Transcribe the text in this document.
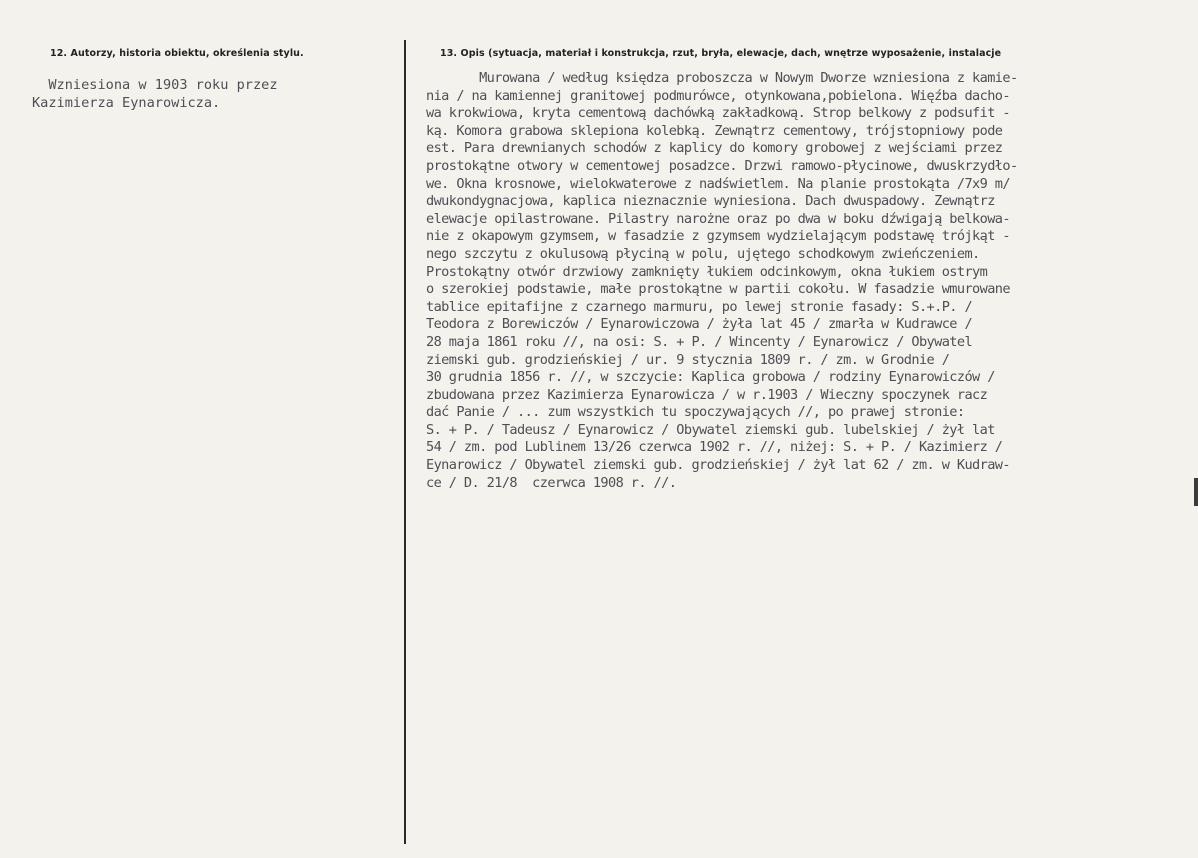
12. Autorzy, historia obiektu, określenia stylu.	13. Opis (sytuacja, materiał i konstrukcja, rzut, bryła, elewacje, dach, wnętrze wyposażenie, instalacje
Wzniesiona w 1903 roku przez
Kazimierza Eynarowicza.
Murowana / według księdza proboszcza w Nowym Dworze wzniesiona z kamie-
nia / na kamiennej granitowej podmurówce, otynkowana,pobielona. Więźba dacho-
wa krokwiowa, kryta cementową dachówką zakładkową. Strop belkowy z podsufit -
ką. Komora grabowa sklepiona kolebką. Zewnątrz cementowy, trójstopniowy pode
est. Para drewnianych schodów z kaplicy do komory grobowej z wejściami przez
prostokątne otwory w cementowej posadzce. Drzwi ramowo-płycinowe, dwuskrzydło-
we. Okna krosnowe, wielokwaterowe z nadświetlem. Na planie prostokąta /7x9 m/
dwukondygnacjowa, kaplica nieznacznie wyniesiona. Dach dwuspadowy. Zewnątrz
elewacje opilastrowane. Pilastry narożne oraz po dwa w boku dźwigają belkowa-
nie z okapowym gzymsem, w fasadzie z gzymsem wydzielającym podstawę trójkąt -
nego szczytu z okulusową płyciną w polu, ujętego schodkowym zwieńczeniem.
Prostokątny otwór drzwiowy zamknięty łukiem odcinkowym, okna łukiem ostrym
o szerokiej podstawie, małe prostokątne w partii cokołu. W fasadzie wmurowane
tablice epitafijne z czarnego marmuru, po lewej stronie fasady: S.+.P. /
Teodora z Borewiczów / Eynarowiczowa / żyła lat 45 / zmarła w Kudrawce /
28 maja 1861 roku //, na osi: S. + P. / Wincenty / Eynarowicz / Obywatel
ziemski gub. grodzieńskiej / ur. 9 stycznia 1809 r. / zm. w Grodnie /
30 grudnia 1856 r. //, w szczycie: Kaplica grobowa / rodziny Eynarowiczów /
zbudowana przez Kazimierza Eynarowicza / w r.1903 / Wieczny spoczynek racz
dać Panie / ... zum wszystkich tu spoczywających //, po prawej stronie:
S. + P. / Tadeusz / Eynarowicz / Obywatel ziemski gub. lubelskiej / żył lat
54 / zm. pod Lublinem 13/26 czerwca 1902 r. //, niżej: S. + P. / Kazimierz /
Eynarowicz / Obywatel ziemski gub. grodzieńskiej / żył lat 62 / zm. w Kudraw-
ce / D. 21/8  czerwca 1908 r. //.
